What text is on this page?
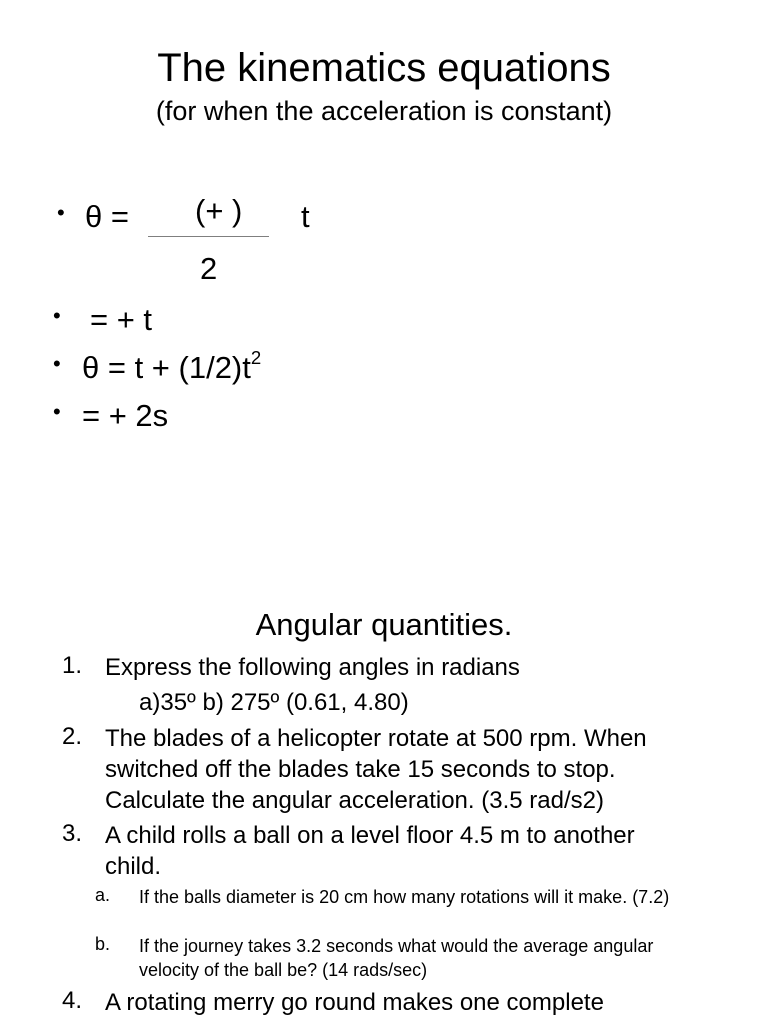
The kinematics equations
(for when the acceleration is constant)
• θ = (+ ) t
2
• = + t
• $\theta = t + (1/2)t^2$
• = + 2s
Angular quantities.
1. Express the following angles in radians
a)35º b) 275º (0.61, 4.80)
2. The blades of a helicopter rotate at 500 rpm. When switched off the blades take 15 seconds to stop. Calculate the angular acceleration. (3.5 rad/s2)
3. A child rolls a ball on a level floor 4.5 m to another child.
a. If the balls diameter is 20 cm how many rotations will it make. (7.2)
b. If the journey takes 3.2 seconds what would the average angular velocity of the ball be? (14 rads/sec)
4. A rotating merry go round makes one complete
